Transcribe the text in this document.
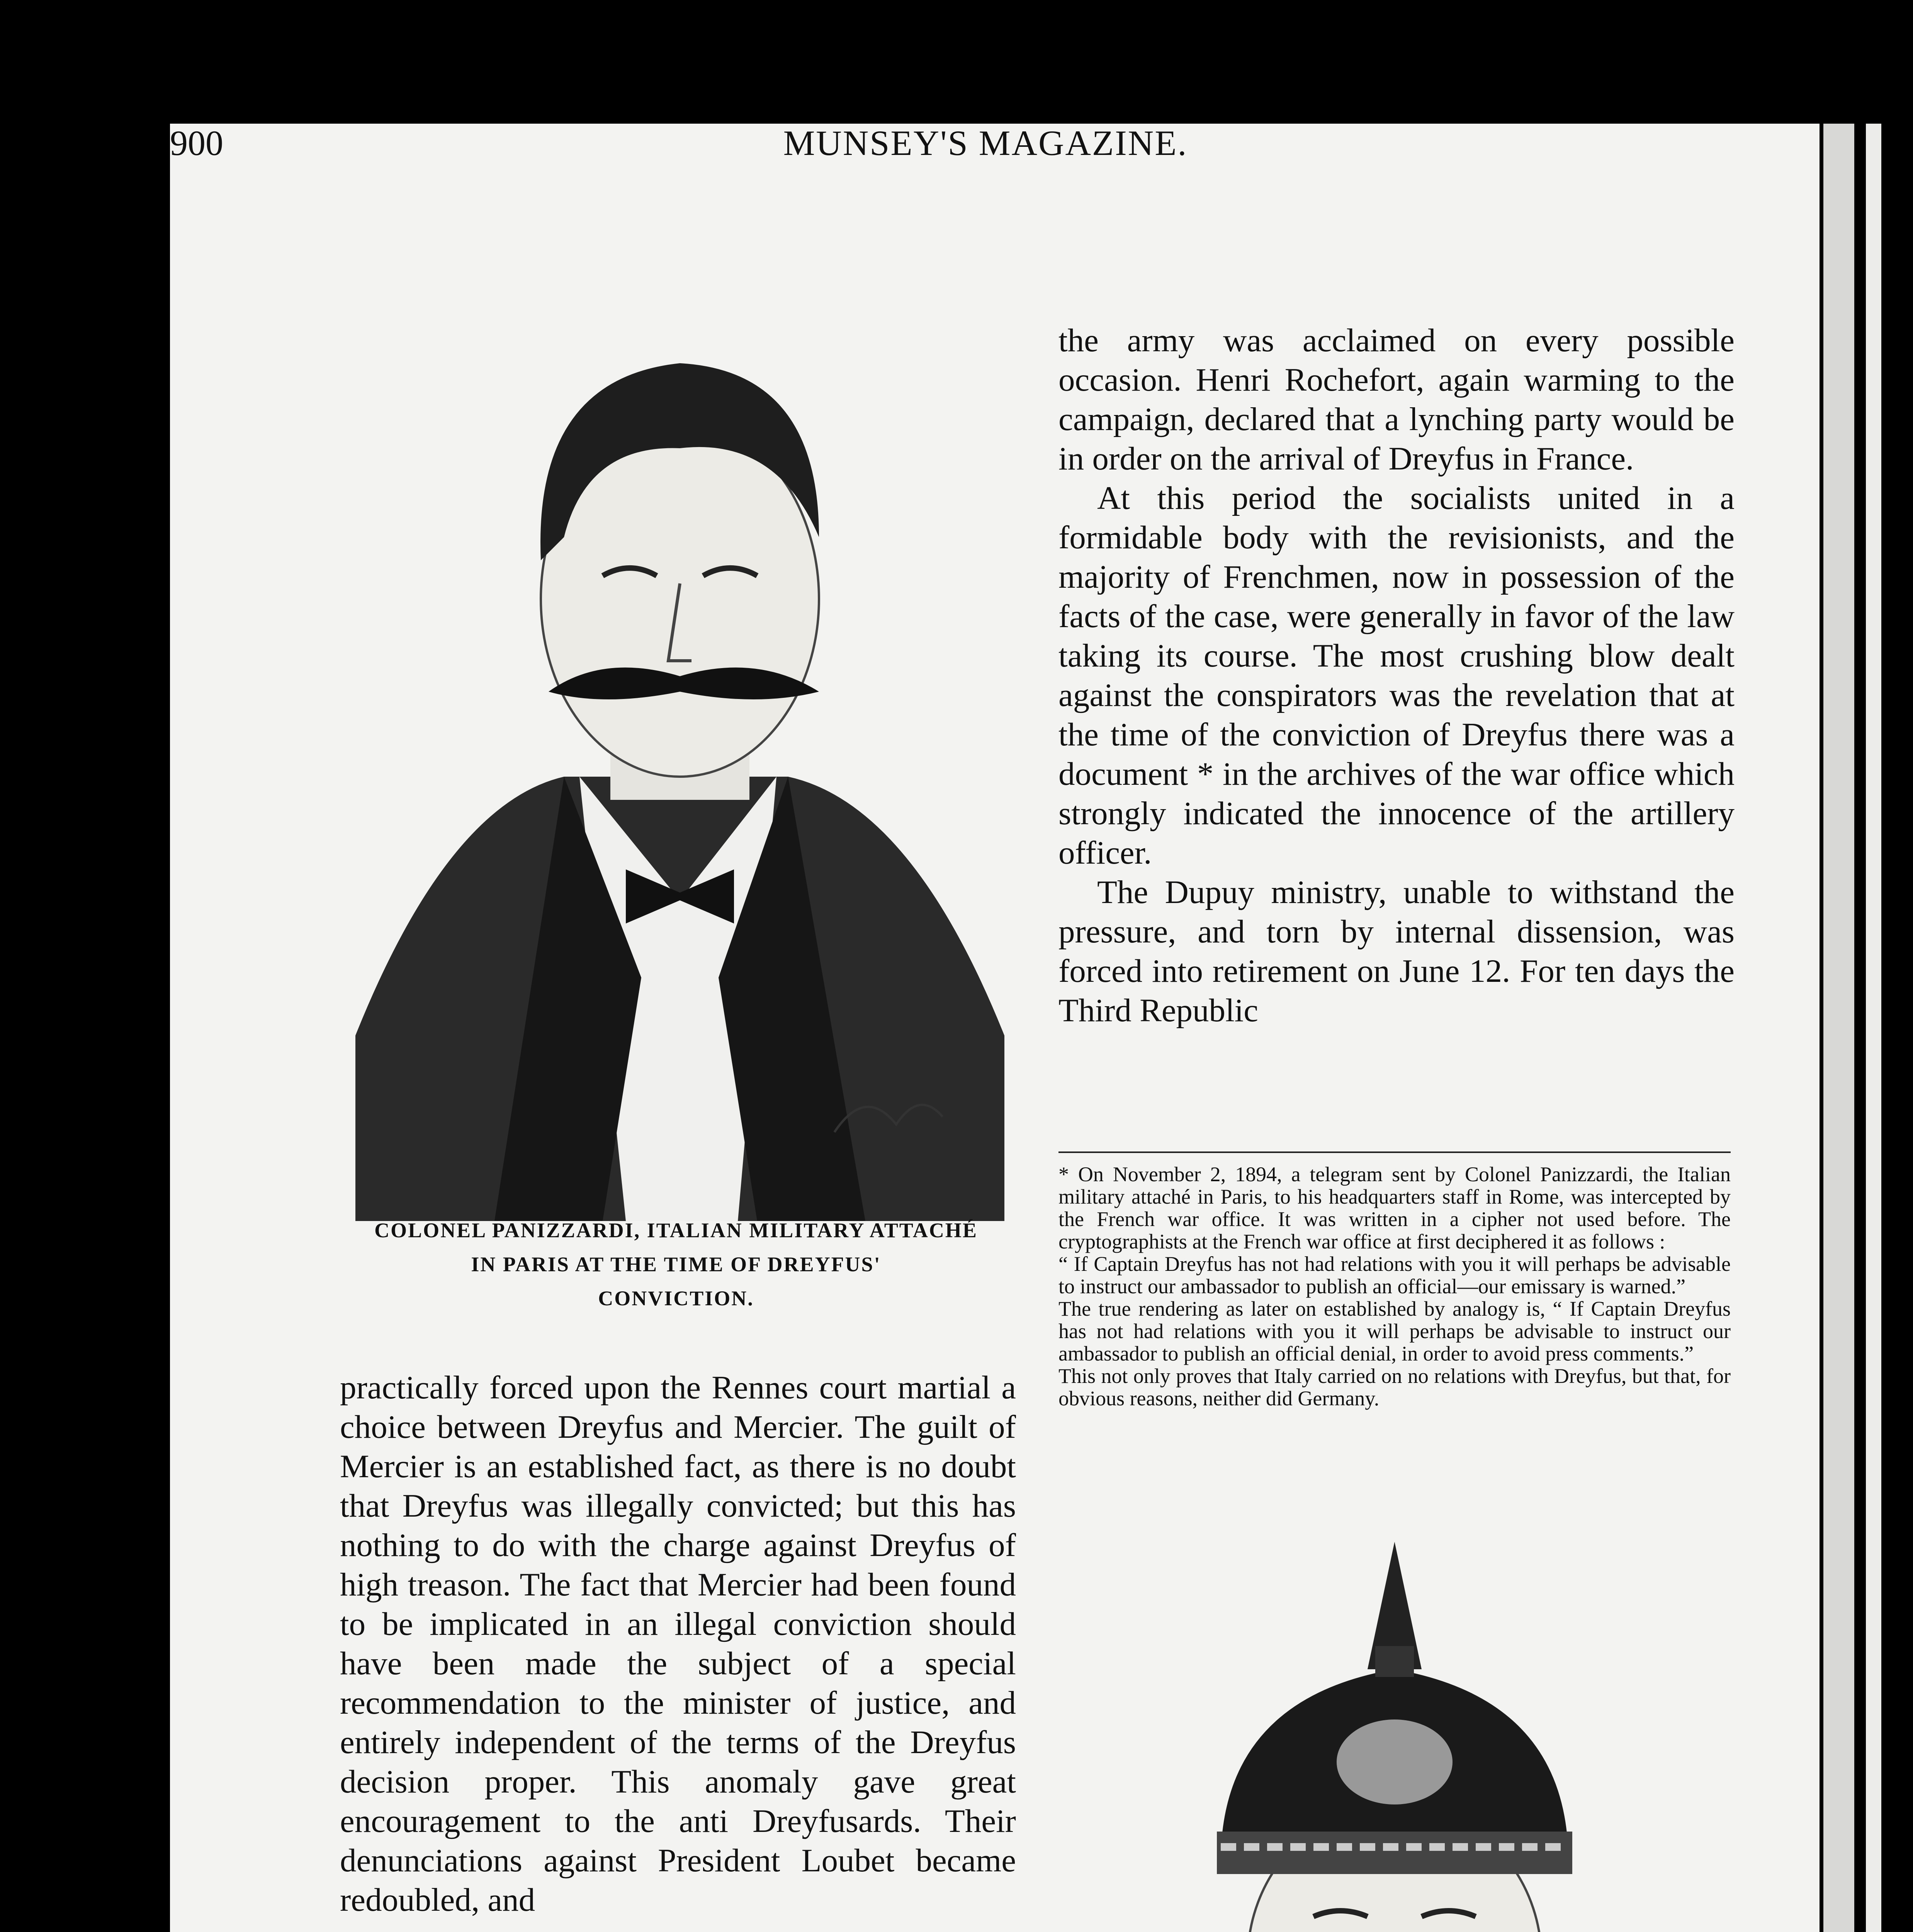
900	MUNSEY'S MAGAZINE.
COLONEL PANIZZARDI, ITALIAN MILITARY ATTACHÉ
IN PARIS AT THE TIME OF DREYFUS'
CONVICTION.

practically forced upon the Rennes court martial a choice between Dreyfus and Mercier. The guilt of Mercier is an established fact, as there is no doubt that Dreyfus was illegally convicted; but this has nothing to do with the charge against Dreyfus of high treason. The fact that Mercier had been found to be implicated in an illegal conviction should have been made the subject of a special recommendation to the minister of justice, and entirely independent of the terms of the Dreyfus decision proper. This anomaly gave great encouragement to the anti Dreyfusards. Their denunciations against President Loubet became redoubled, and

the army was acclaimed on every possible occasion. Henri Rochefort, again warming to the campaign, declared that a lynching party would be in order on the arrival of Dreyfus in France.

At this period the socialists united in a formidable body with the revisionists, and the majority of Frenchmen, now in possession of the facts of the case, were generally in favor of the law taking its course. The most crushing blow dealt against the conspirators was the revelation that at the time of the conviction of Dreyfus there was a document * in the archives of the war office which strongly indicated the innocence of the artillery officer.

The Dupuy ministry, unable to withstand the pressure, and torn by internal dissension, was forced into retirement on June 12. For ten days the Third Republic

* On November 2, 1894, a telegram sent by Colonel Panizzardi, the Italian military attaché in Paris, to his headquarters staff in Rome, was intercepted by the French war office. It was written in a cipher not used before. The cryptographists at the French war office at first deciphered it as follows :

“ If Captain Dreyfus has not had relations with you it will perhaps be advisable to instruct our ambassador to publish an official—our emissary is warned.”

The true rendering as later on established by analogy is, “ If Captain Dreyfus has not had relations with you it will perhaps be advisable to instruct our ambassador to publish an official denial, in order to avoid press comments.”

This not only proves that Italy carried on no relations with Dreyfus, but that, for obvious reasons, neither did Germany.
